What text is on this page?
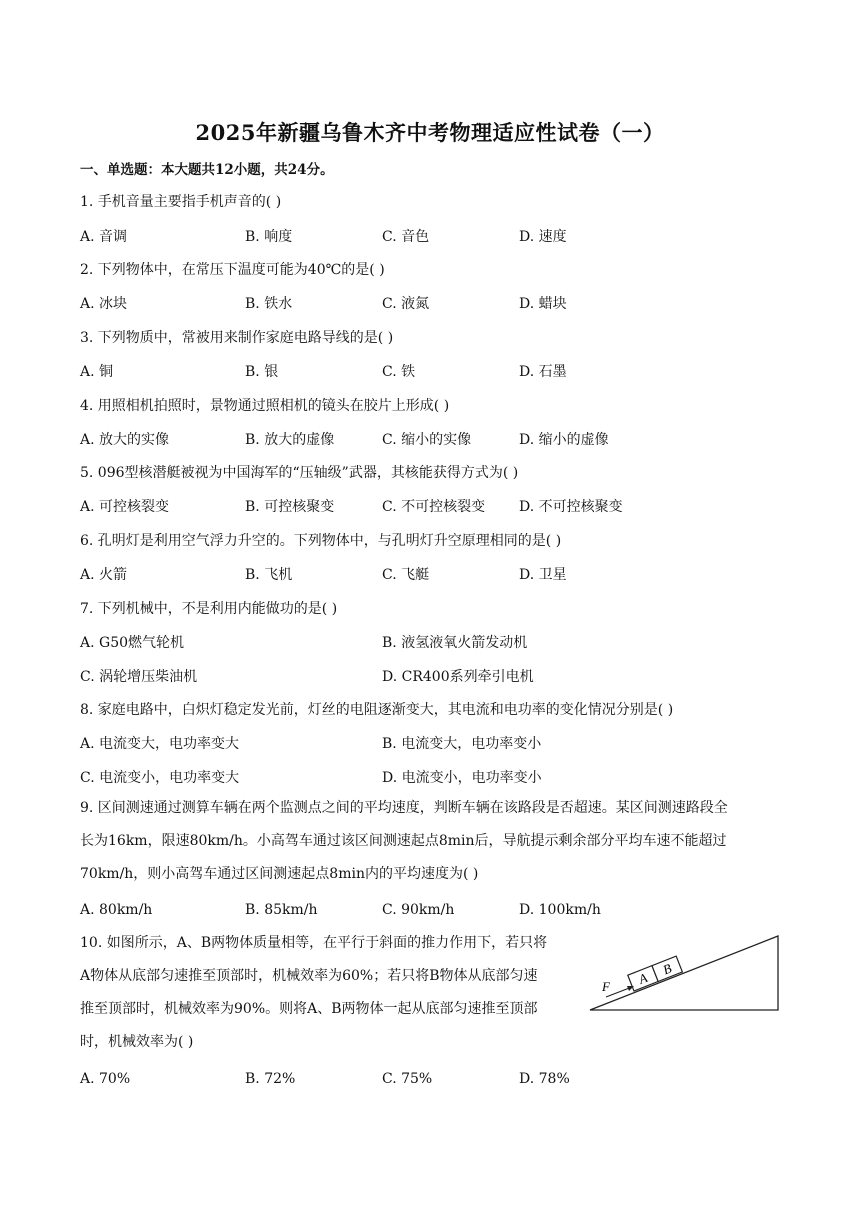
2025年新疆乌鲁木齐中考物理适应性试卷（一）
一、单选题：本大题共12小题，共24分。
1. 手机音量主要指手机声音的( )
A. 音调	B. 响度	C. 音色	D. 速度
2. 下列物体中，在常压下温度可能为40℃的是( )
A. 冰块	B. 铁水	C. 液氮	D. 蜡块
3. 下列物质中，常被用来制作家庭电路导线的是( )
A. 铜	B. 银	C. 铁	D. 石墨
4. 用照相机拍照时，景物通过照相机的镜头在胶片上形成( )
A. 放大的实像	B. 放大的虚像	C. 缩小的实像	D. 缩小的虚像
5. 096型核潜艇被视为中国海军的“压轴级”武器，其核能获得方式为( )
A. 可控核裂变	B. 可控核聚变	C. 不可控核裂变 D. 不可控核聚变
6. 孔明灯是利用空气浮力升空的。下列物体中，与孔明灯升空原理相同的是( )
A. 火箭	B. 飞机	C. 飞艇	D. 卫星
7. 下列机械中，不是利用内能做功的是( )
A. G50燃气轮机	B. 液氢液氧火箭发动机
C. 涡轮增压柴油机	D. CR400系列牵引电机
8. 家庭电路中，白炽灯稳定发光前，灯丝的电阻逐渐变大，其电流和电功率的变化情况分别是( )
A. 电流变大，电功率变大	B. 电流变大，电功率变小
C. 电流变小，电功率变大	D. 电流变小，电功率变小
9. 区间测速通过测算车辆在两个监测点之间的平均速度，判断车辆在该路段是否超速。某区间测速路段全
长为16km，限速80km/h。小高驾车通过该区间测速起点8min后，导航提示剩余部分平均车速不能超过
70km/h，则小高驾车通过区间测速起点8min内的平均速度为( )
A. 80km/h	B. 85km/h	C. 90km/h	D. 100km/h
10. 如图所示，A、B两物体质量相等，在平行于斜面的推力作用下，若只将
A物体从底部匀速推至顶部时，机械效率为60%；若只将B物体从底部匀速
推至顶部时，机械效率为90%。则将A、B两物体一起从底部匀速推至顶部
时，机械效率为( )
A
B
F
A. 70%	B. 72%	C. 75%	D. 78%
